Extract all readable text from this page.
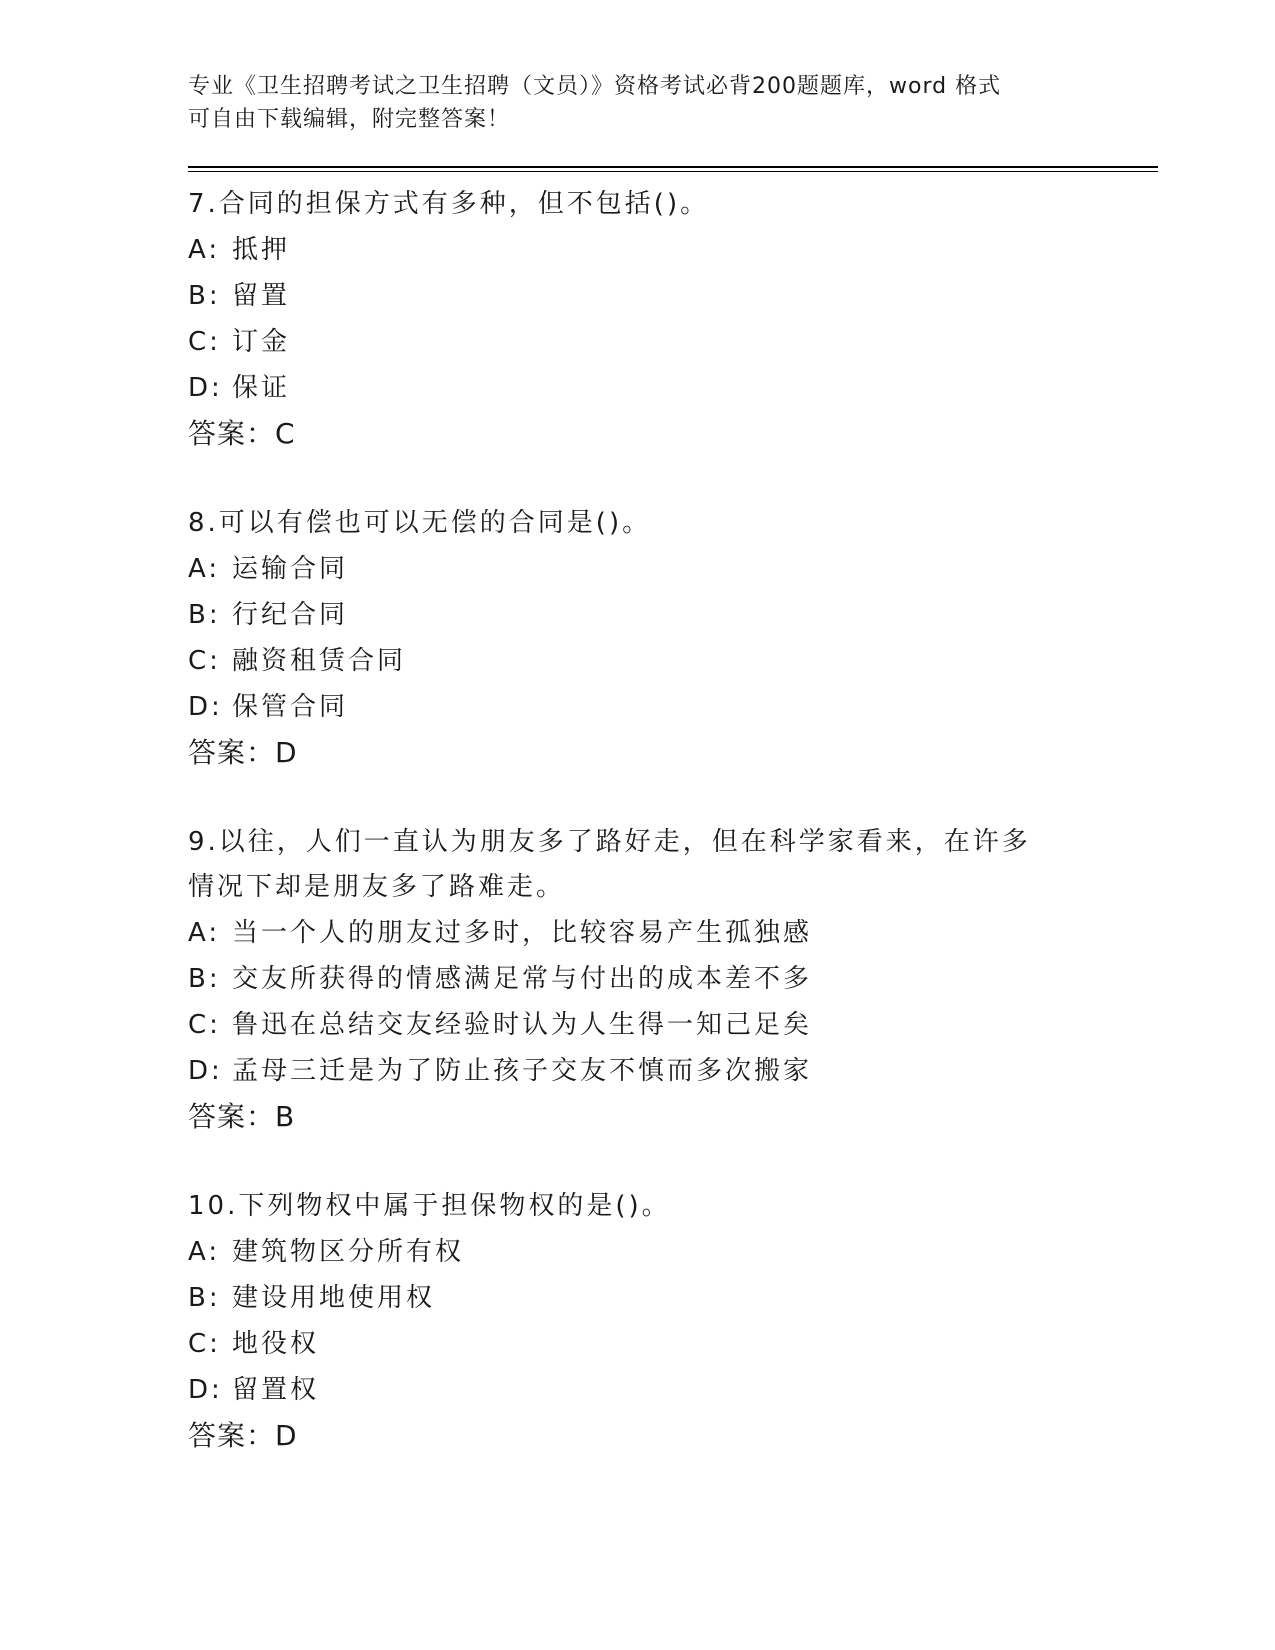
专业《卫生招聘考试之卫生招聘（文员）》资格考试必背200题题库，word 格式
可自由下载编辑，附完整答案！
7.合同的担保方式有多种，但不包括()。
A: 抵押
B: 留置
C: 订金
D: 保证
答案：C
8.可以有偿也可以无偿的合同是()。
A: 运输合同
B: 行纪合同
C: 融资租赁合同
D: 保管合同
答案：D
9.以往，人们一直认为朋友多了路好走，但在科学家看来，在许多情况下却是朋友多了路难走。
A: 当一个人的朋友过多时，比较容易产生孤独感
B: 交友所获得的情感满足常与付出的成本差不多
C: 鲁迅在总结交友经验时认为人生得一知己足矣
D: 孟母三迁是为了防止孩子交友不慎而多次搬家
答案：B
10.下列物权中属于担保物权的是()。
A: 建筑物区分所有权
B: 建设用地使用权
C: 地役权
D: 留置权
答案：D
